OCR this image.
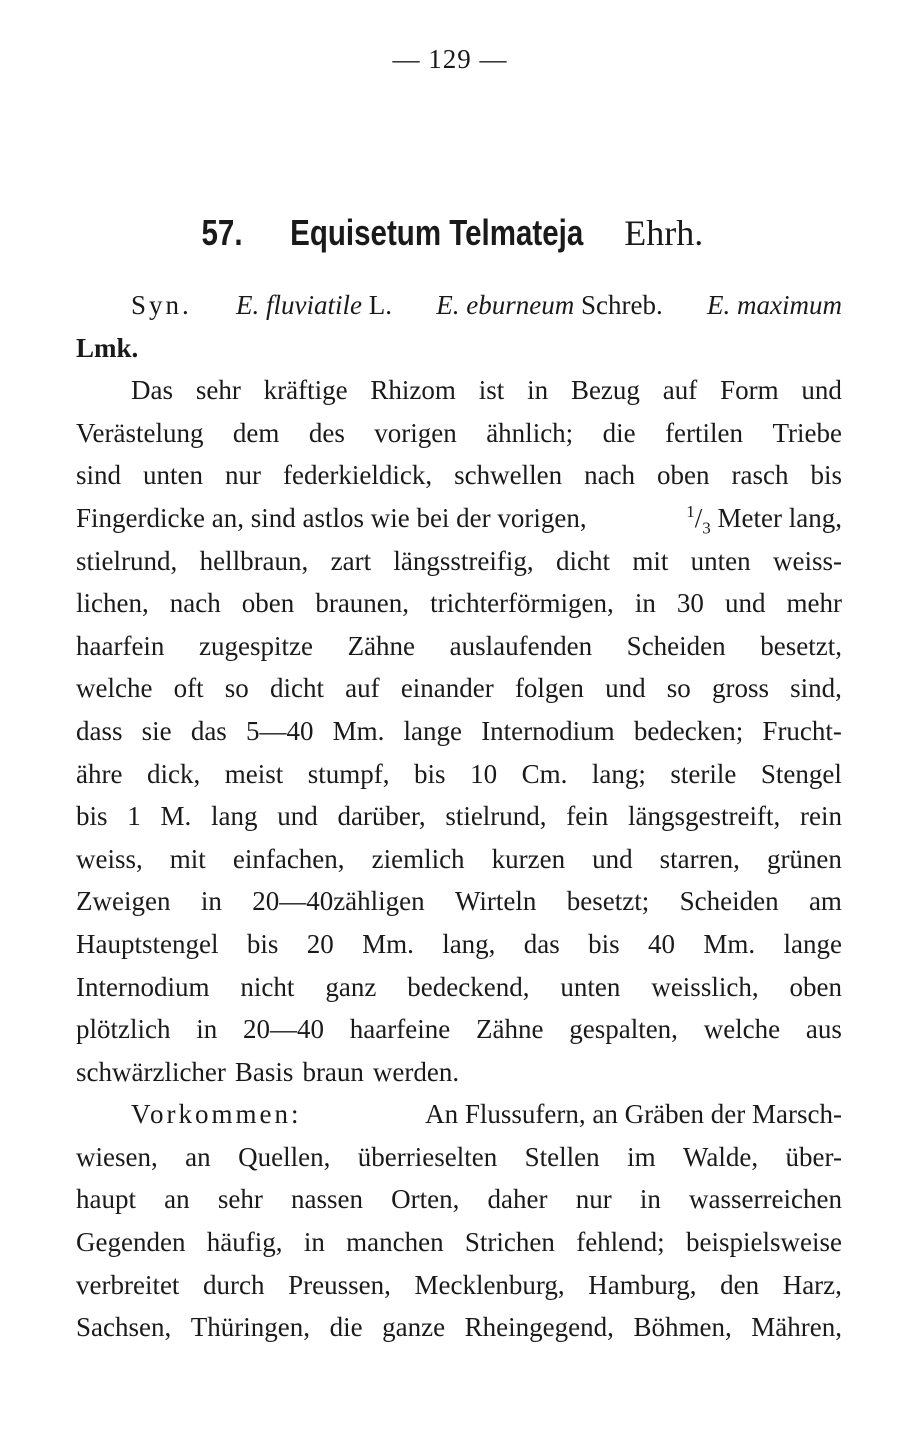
— 129 —
57. Equisetum Telmateja Ehrh.
Syn. E. fluviatile L. E. eburneum Schreb. E. maximum
Lmk.
Das sehr kräftige Rhizom ist in Bezug auf Form und
Verästelung dem des vorigen ähnlich; die fertilen Triebe
sind unten nur federkieldick, schwellen nach oben rasch bis
Fingerdicke an, sind astlos wie bei der vorigen,	$^1/_3$ Meter lang,
stielrund, hellbraun, zart längsstreifig, dicht mit unten weiss-
lichen, nach oben braunen, trichterförmigen, in 30 und mehr
haarfein zugespitze Zähne auslaufenden Scheiden besetzt,
welche oft so dicht auf einander folgen und so gross sind,
dass sie das 5—40 Mm. lange Internodium bedecken; Frucht-
ähre dick, meist stumpf, bis 10 Cm. lang; sterile Stengel
bis 1 M. lang und darüber, stielrund, fein längsgestreift, rein
weiss, mit einfachen, ziemlich kurzen und starren, grünen
Zweigen in 20—40zähligen Wirteln besetzt; Scheiden am
Hauptstengel bis 20 Mm. lang, das bis 40 Mm. lange
Internodium nicht ganz bedeckend, unten weisslich, oben
plötzlich in 20—40 haarfeine Zähne gespalten, welche aus
schwärzlicher Basis braun werden.
Vorkommen:	An Flussufern, an Gräben der Marsch-
wiesen, an Quellen, überrieselten Stellen im Walde, über-
haupt an sehr nassen Orten, daher nur in wasserreichen
Gegenden häufig, in manchen Strichen fehlend; beispielsweise
verbreitet durch Preussen, Mecklenburg, Hamburg, den Harz,
Sachsen, Thüringen, die ganze Rheingegend, Böhmen, Mähren,
